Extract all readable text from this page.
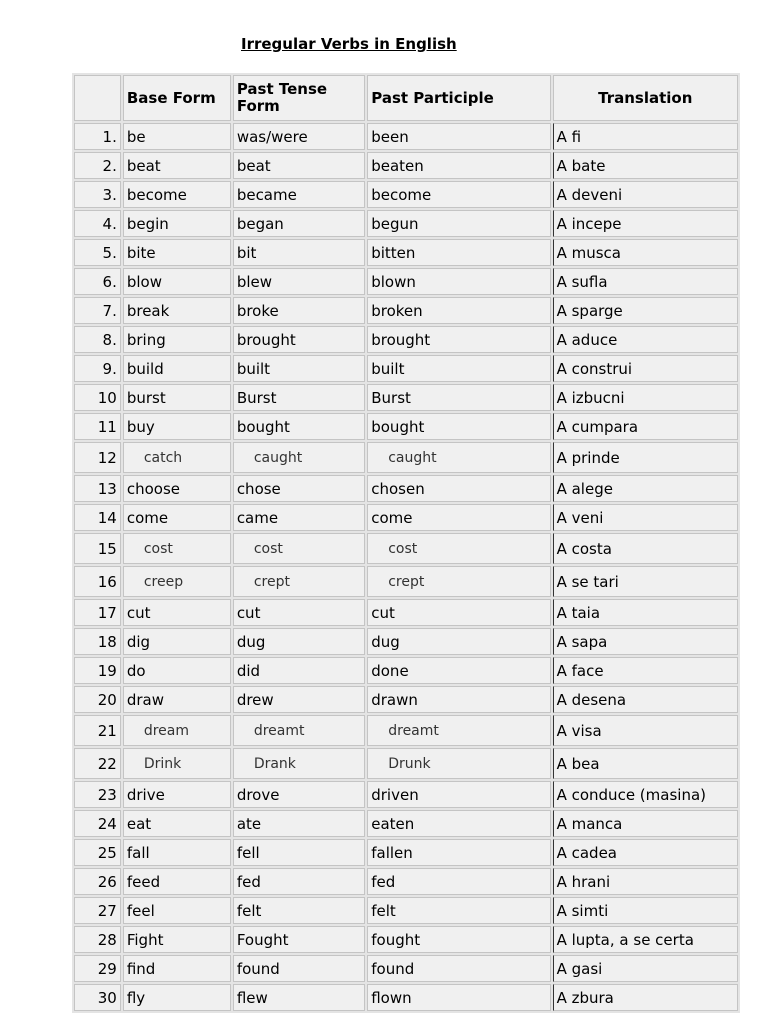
Irregular Verbs in English
	Base Form	Past Tense Form	Past Participle	Translation
1.	be	was/were	been	A fi
2.	beat	beat	beaten	A bate
3.	become	became	become	A deveni
4.	begin	began	begun	A incepe
5.	bite	bit	bitten	A musca
6.	blow	blew	blown	A sufla
7.	break	broke	broken	A sparge
8.	bring	brought	brought	A aduce
9.	build	built	built	A construi
10	burst	Burst	Burst	A izbucni
11	buy	bought	bought	A cumpara
12	catch	caught	caught	A prinde
13	choose	chose	chosen	A alege
14	come	came	come	A veni
15	cost	cost	cost	A costa
16	creep	crept	crept	A se tari
17	cut	cut	cut	A taia
18	dig	dug	dug	A sapa
19	do	did	done	A face
20	draw	drew	drawn	A desena
21	dream	dreamt	dreamt	A visa
22	Drink	Drank	Drunk	A bea
23	drive	drove	driven	A conduce (masina)
24	eat	ate	eaten	A manca
25	fall	fell	fallen	A cadea
26	feed	fed	fed	A hrani
27	feel	felt	felt	A simti
28	Fight	Fought	fought	A lupta, a se certa
29	find	found	found	A gasi
30	fly	flew	flown	A zbura
